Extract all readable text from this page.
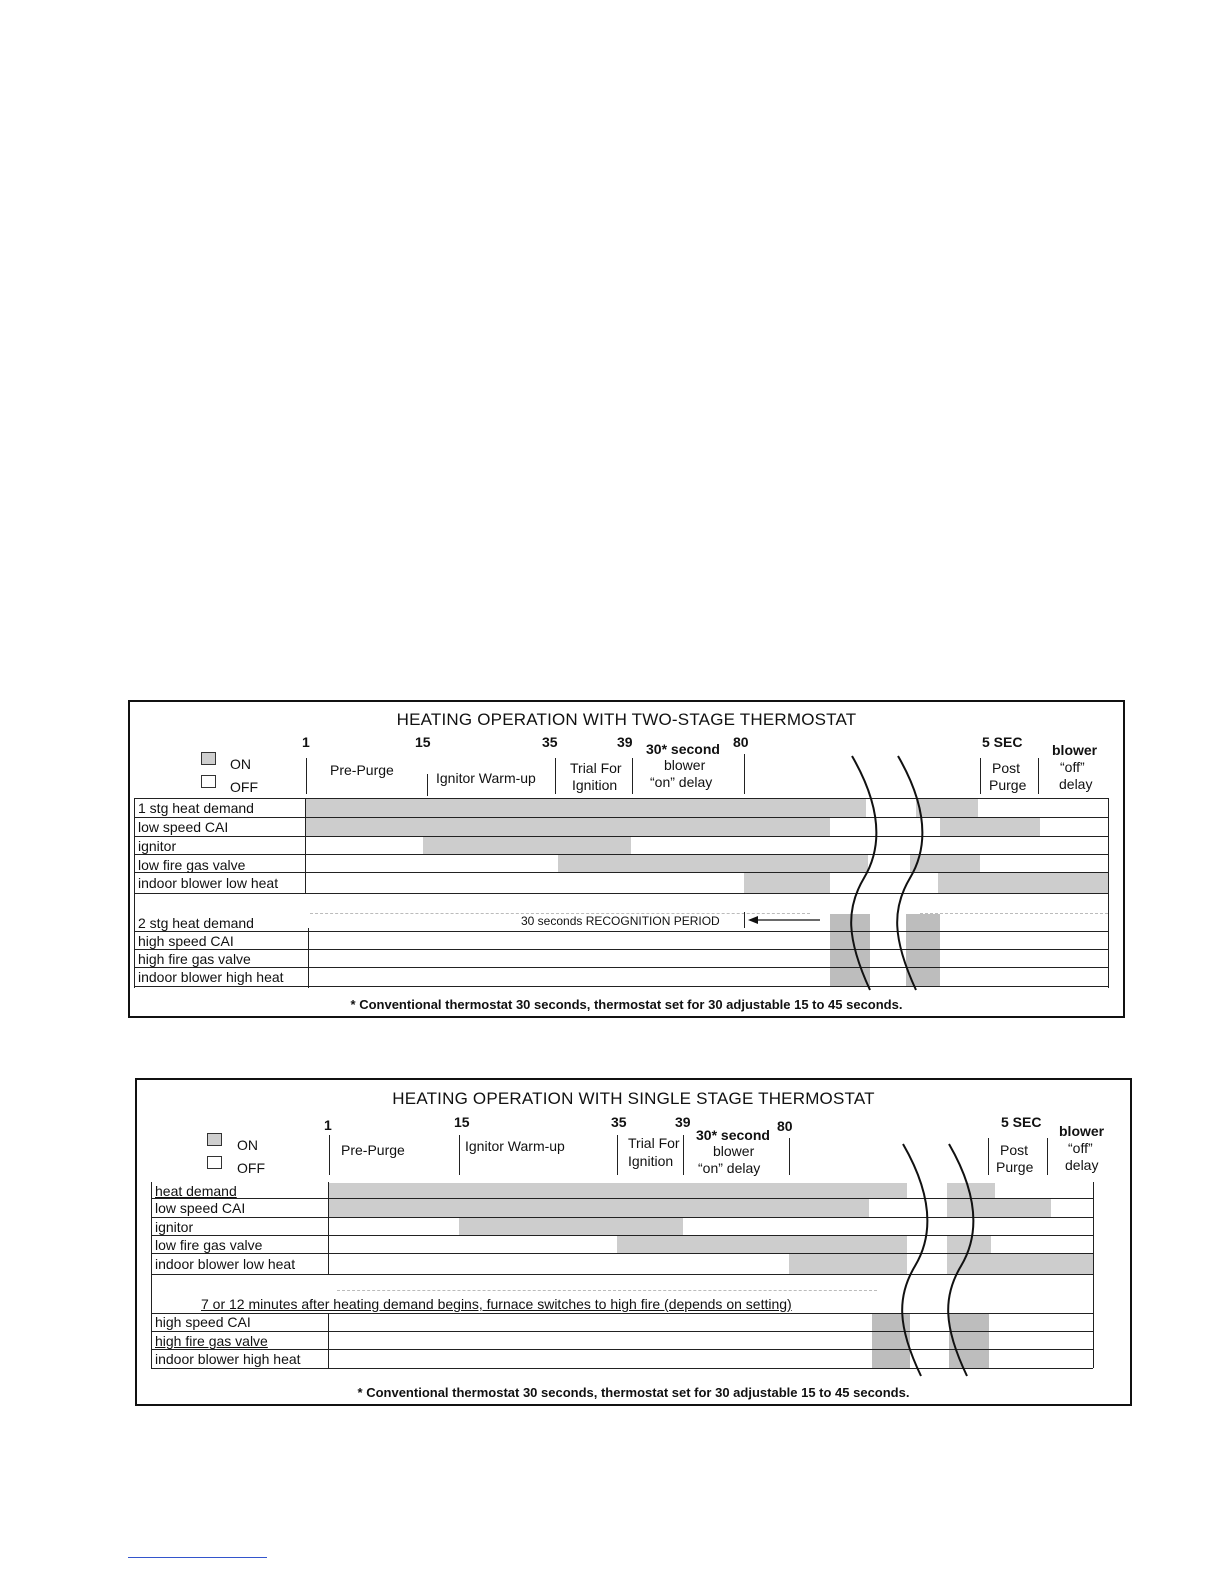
HEATING OPERATION WITH TWO-STAGE THERMOSTAT
ON
OFF
1	15	35	39	80	5 SEC
Pre-Purge	Ignitor Warm-up
Trial For
Ignition
30* second
blower
“on” delay
Post
Purge
blower
“off”
delay
1 stg heat demand
low speed CAI
ignitor
low fire gas valve
indoor blower low heat
30 seconds RECOGNITION PERIOD
2 stg heat demand
high speed CAI
high fire gas valve
indoor blower high heat
* Conventional thermostat 30 seconds, thermostat set for 30 adjustable 15 to 45 seconds.
HEATING OPERATION WITH SINGLE STAGE THERMOSTAT
ON
OFF
1	15	35	39	80	5 SEC
Pre-Purge	Ignitor Warm-up	Trial For
Ignition
30* second
blower
“on” delay
Post
Purge
blower
“off”
delay
heat demand
low speed CAI
ignitor
low fire gas valve
indoor blower low heat
7 or 12 minutes after heating demand begins, furnace switches to high fire (depends on setting)
high speed CAI
high fire gas valve
indoor blower high heat
* Conventional thermostat 30 seconds, thermostat set for 30 adjustable 15 to 45 seconds.
